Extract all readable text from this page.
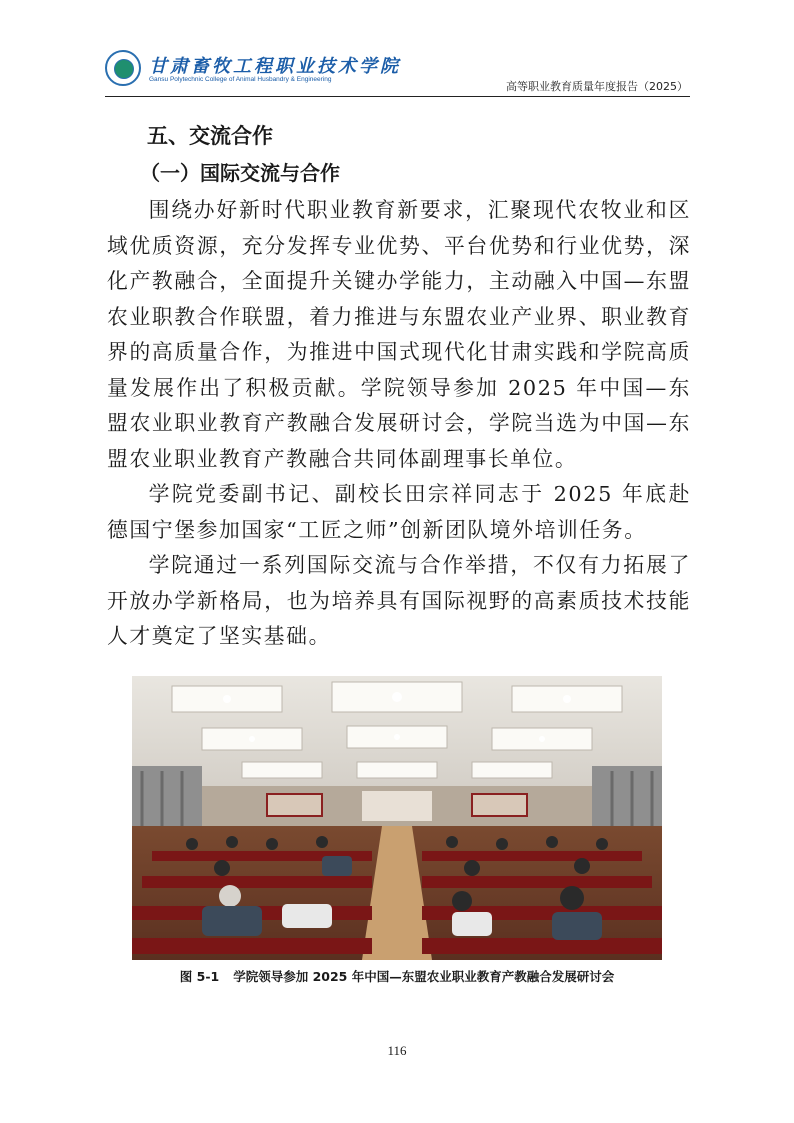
甘肃畜牧工程职业技术学院
Gansu Polytechnic College of Animal Husbandry & Engineering
高等职业教育质量年度报告（2025）
五、交流合作
（一）国际交流与合作

围绕办好新时代职业教育新要求，汇聚现代农牧业和区域优质资源，充分发挥专业优势、平台优势和行业优势，深化产教融合，全面提升关键办学能力，主动融入中国—东盟农业职教合作联盟，着力推进与东盟农业产业界、职业教育界的高质量合作，为推进中国式现代化甘肃实践和学院高质量发展作出了积极贡献。学院领导参加 2025 年中国—东盟农业职业教育产教融合发展研讨会，学院当选为中国—东盟农业职业教育产教融合共同体副理事长单位。

学院党委副书记、副校长田宗祥同志于 2025 年底赴德国宁堡参加国家“工匠之师”创新团队境外培训任务。

学院通过一系列国际交流与合作举措，不仅有力拓展了开放办学新格局，也为培养具有国际视野的高素质技术技能人才奠定了坚实基础。

图 5-1 学院领导参加 2025 年中国—东盟农业职业教育产教融合发展研讨会
116
